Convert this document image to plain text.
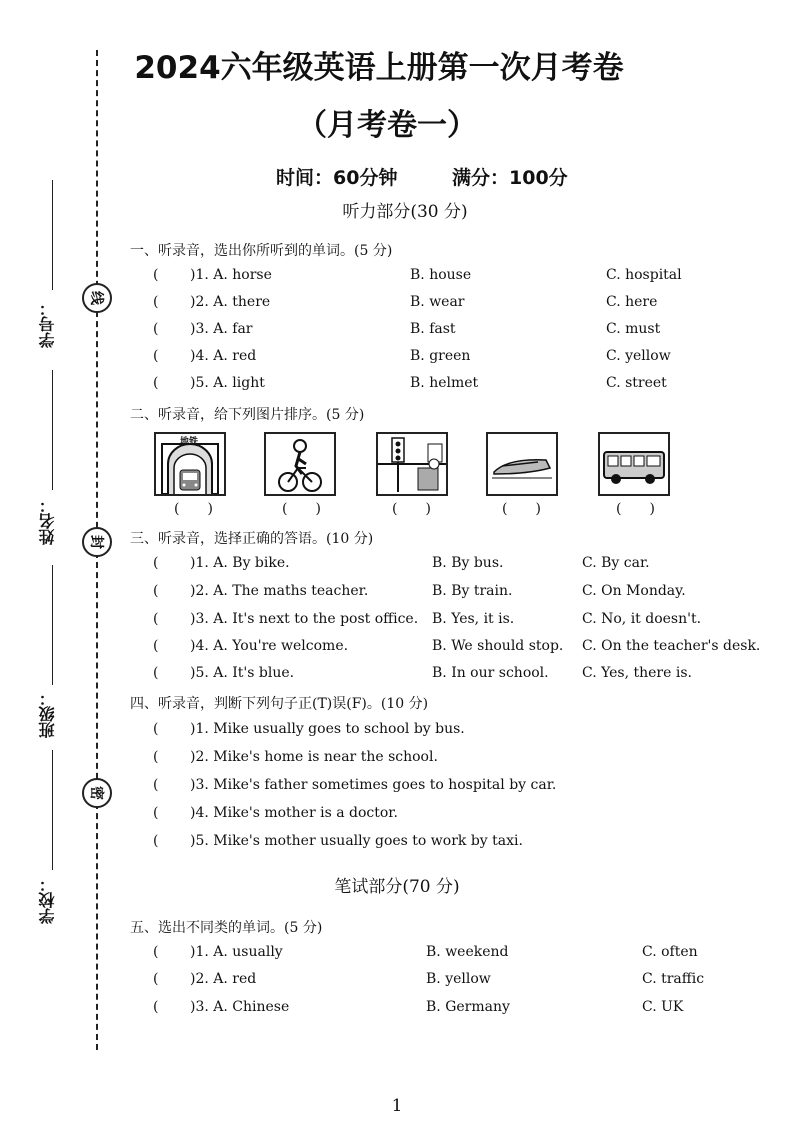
线
封
密
学号：
姓名：
班级：
学校：
2024六年级英语上册第一次月考卷
（月考卷一）
时间：60分钟	满分：100分
听力部分(30 分)
一、听录音，选出你所听到的单词。(5 分)
( )1. A. horse	B. house	C. hospital
( )2. A. there	B. wear	C. here
( )3. A. far	B. fast	C. must
( )4. A. red	B. green	C. yellow
( )5. A. light	B. helmet	C. street
二、听录音，给下列图片排序。(5 分)
地铁
(　　)	(　　)	(　　)	(　　)	(　　)
三、听录音，选择正确的答语。(10 分)
( )1. A. By bike.	B. By bus.	C. By car.
( )2. A. The maths teacher.	B. By train.	C. On Monday.
( )3. A. It's next to the post office. B. Yes, it is.	C. No, it doesn't.
( )4. A. You're welcome.	B. We should stop. C. On the teacher's desk.
( )5. A. It's blue.	B. In our school. C. Yes, there is.
四、听录音，判断下列句子正(T)误(F)。(10 分)
( )1. Mike usually goes to school by bus.
( )2. Mike's home is near the school.
( )3. Mike's father sometimes goes to hospital by car.
( )4. Mike's mother is a doctor.
( )5. Mike's mother usually goes to work by taxi.
笔试部分(70 分)
五、选出不同类的单词。(5 分)
( )1. A. usually	B. weekend	C. often
( )2. A. red	B. yellow	C. traffic
( )3. A. Chinese	B. Germany	C. UK
1
